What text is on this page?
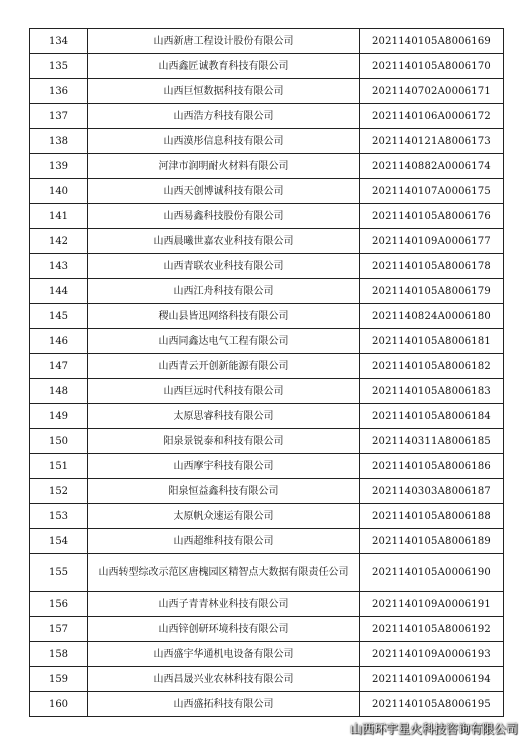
134	山西新唐工程设计股份有限公司	2021140105A8006169
135	山西鑫匠诚教育科技有限公司	2021140105A8006170
136	山西巨恒数据科技有限公司	2021140702A0006171
137	山西浩方科技有限公司	2021140106A0006172
138	山西漠彤信息科技有限公司	2021140121A8006173
139	河津市润明耐火材料有限公司	2021140882A0006174
140	山西天创博诚科技有限公司	2021140107A0006175
141	山西易鑫科技股份有限公司	2021140105A8006176
142	山西晨曦世嘉农业科技有限公司	2021140109A0006177
143	山西青联农业科技有限公司	2021140105A8006178
144	山西江舟科技有限公司	2021140105A8006179
145	稷山县皆迅网络科技有限公司	2021140824A0006180
146	山西同鑫达电气工程有限公司	2021140105A8006181
147	山西青云开创新能源有限公司	2021140105A8006182
148	山西巨远时代科技有限公司	2021140105A8006183
149	太原思睿科技有限公司	2021140105A8006184
150	阳泉景锐泰和科技有限公司	2021140311A8006185
151	山西摩宇科技有限公司	2021140105A8006186
152	阳泉恒益鑫科技有限公司	2021140303A8006187
153	太原帆众速运有限公司	2021140105A8006188
154	山西超维科技有限公司	2021140105A8006189
155	山西转型综改示范区唐槐园区精智点大数据有限责任公司	2021140105A0006190
156	山西子青青林业科技有限公司	2021140109A0006191
157	山西锌创研环境科技有限公司	2021140105A8006192
158	山西盛宇华通机电设备有限公司	2021140109A0006193
159	山西昌晟兴业农林科技有限公司	2021140109A0006194
160	山西盛拓科技有限公司	2021140105A8006195
山西环宇星火科技咨询有限公司
